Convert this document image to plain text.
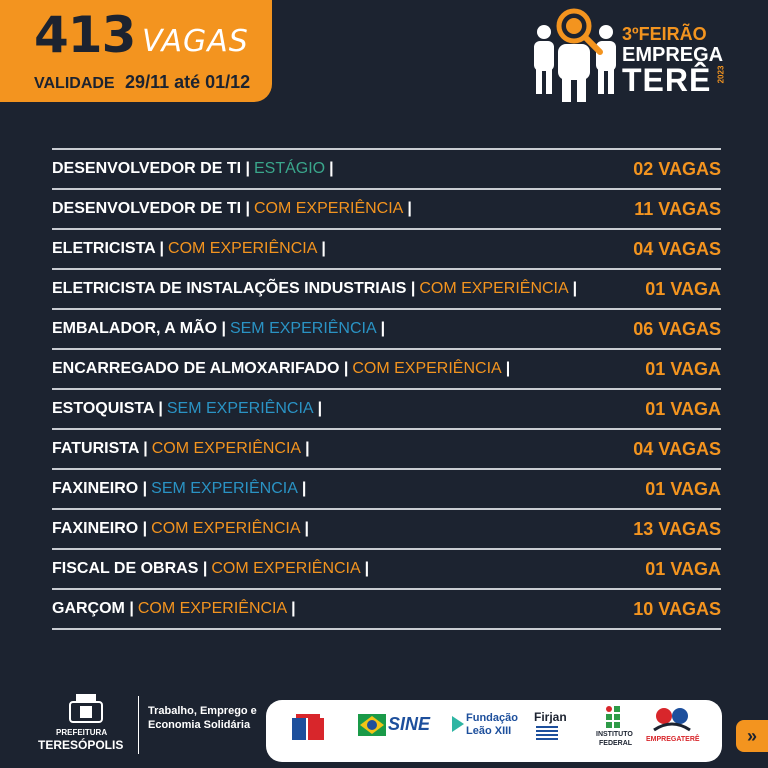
413 VAGAS
VALIDADE 29/11 até 01/12
3ºFEIRÃO
EMPREGA
TERÊ 2023
DESENVOLVEDOR DE TI | ESTÁGIO |	02 VAGAS
DESENVOLVEDOR DE TI | COM EXPERIÊNCIA |	11 VAGAS
ELETRICISTA | COM EXPERIÊNCIA |	04 VAGAS
ELETRICISTA DE INSTALAÇÕES INDUSTRIAIS | COM EXPERIÊNCIA |	01 VAGA
EMBALADOR, A MÃO | SEM EXPERIÊNCIA |	06 VAGAS
ENCARREGADO DE ALMOXARIFADO | COM EXPERIÊNCIA |	01 VAGA
ESTOQUISTA | SEM EXPERIÊNCIA |	01 VAGA
FATURISTA | COM EXPERIÊNCIA |	04 VAGAS
FAXINEIRO | SEM EXPERIÊNCIA |	01 VAGA
FAXINEIRO | COM EXPERIÊNCIA |	13 VAGAS
FISCAL DE OBRAS | COM EXPERIÊNCIA |	01 VAGA
GARÇOM | COM EXPERIÊNCIA |	10 VAGAS
PREFEITURA
TERESÓPOLIS
Trabalho, Emprego e Economia Solidária	SINE	Fundação
Leão XIII
Firjan
INSTITUTO
FEDERAL
EMPREGATERÊ	»
